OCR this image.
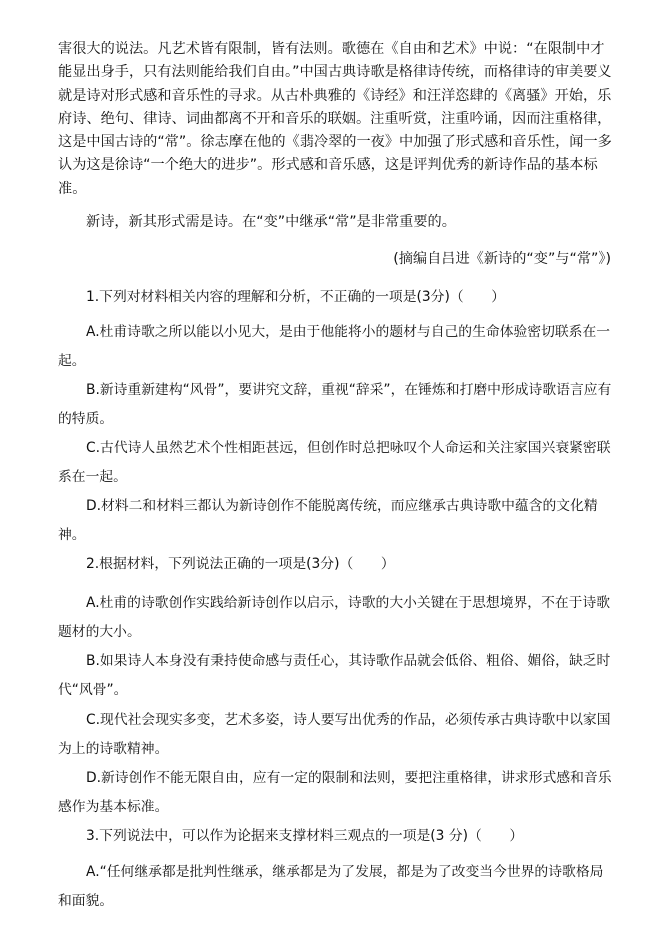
害很大的说法。凡艺术皆有限制，皆有法则。歌德在《自由和艺术》中说：“在限制中才能显出身手，只有法则能给我们自由。”中国古典诗歌是格律诗传统，而格律诗的审美要义就是诗对形式感和音乐性的寻求。从古朴典雅的《诗经》和汪洋恣肆的《离骚》开始，乐府诗、绝句、律诗、词曲都离不开和音乐的联姻。注重听赏，注重吟诵，因而注重格律，这是中国古诗的“常”。徐志摩在他的《翡冷翠的一夜》中加强了形式感和音乐性，闻一多认为这是徐诗“一个绝大的进步”。形式感和音乐感，这是评判优秀的新诗作品的基本标准。

新诗，新其形式需是诗。在“变”中继承“常”是非常重要的。

(摘编自吕进《新诗的“变”与“常”》)

1.下列对材料相关内容的理解和分析，不正确的一项是(3分)（　　）

A.杜甫诗歌之所以能以小见大，是由于他能将小的题材与自己的生命体验密切联系在一起。

B.新诗重新建构“风骨”，要讲究文辞，重视“辞采”，在锤炼和打磨中形成诗歌语言应有的特质。

C.古代诗人虽然艺术个性相距甚远，但创作时总把咏叹个人命运和关注家国兴衰紧密联系在一起。

D.材料二和材料三都认为新诗创作不能脱离传统，而应继承古典诗歌中蕴含的文化精神。

2.根据材料，下列说法正确的一项是(3分)（　　）

A.杜甫的诗歌创作实践给新诗创作以启示，诗歌的大小关键在于思想境界，不在于诗歌题材的大小。

B.如果诗人本身没有秉持使命感与责任心，其诗歌作品就会低俗、粗俗、媚俗，缺乏时代“风骨”。

C.现代社会现实多变，艺术多姿，诗人要写出优秀的作品，必须传承古典诗歌中以家国为上的诗歌精神。

D.新诗创作不能无限自由，应有一定的限制和法则，要把注重格律，讲求形式感和音乐感作为基本标准。

3.下列说法中，可以作为论据来支撑材料三观点的一项是(3 分)（　　）

A.“任何继承都是批判性继承，继承都是为了发展，都是为了改变当今世界的诗歌格局和面貌。
